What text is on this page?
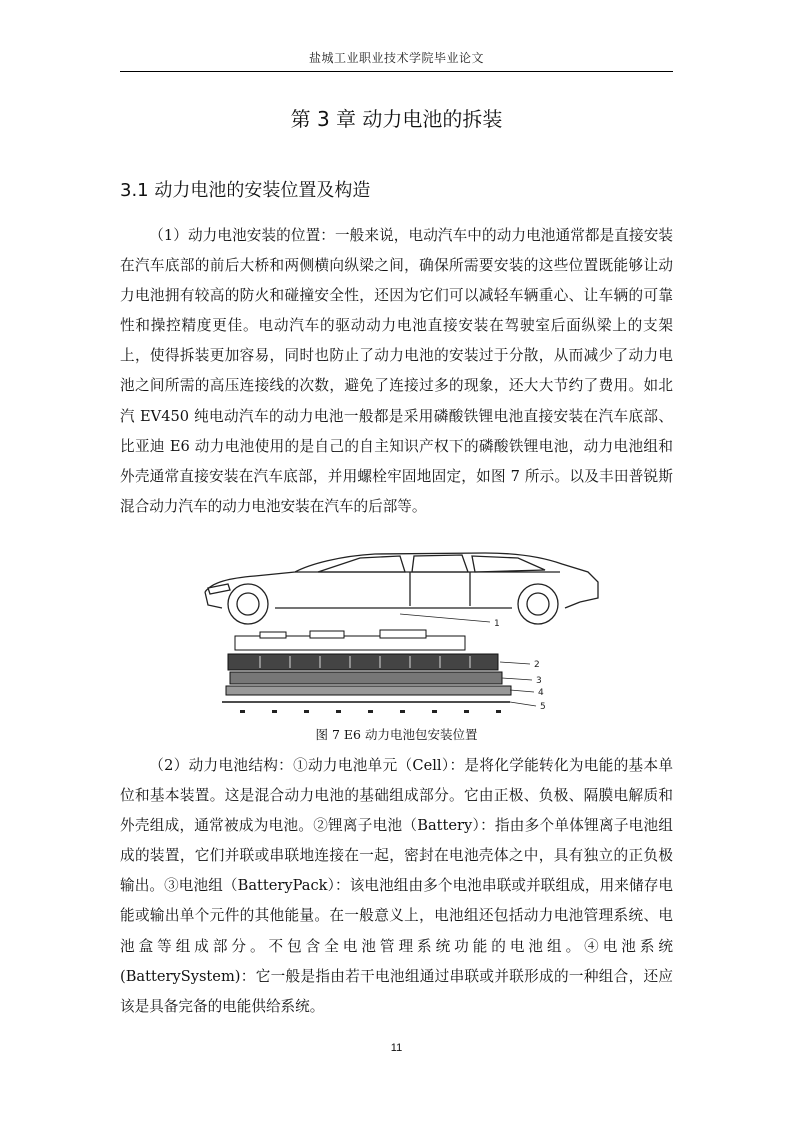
盐城工业职业技术学院毕业论文
第 3 章 动力电池的拆装
3.1 动力电池的安装位置及构造

（1）动力电池安装的位置：一般来说，电动汽车中的动力电池通常都是直接安装在汽车底部的前后大桥和两侧横向纵梁之间，确保所需要安装的这些位置既能够让动力电池拥有较高的防火和碰撞安全性，还因为它们可以减轻车辆重心、让车辆的可靠性和操控精度更佳。电动汽车的驱动动力电池直接安装在驾驶室后面纵梁上的支架上，使得拆装更加容易，同时也防止了动力电池的安装过于分散，从而减少了动力电池之间所需的高压连接线的次数，避免了连接过多的现象，还大大节约了费用。如北汽 EV450 纯电动汽车的动力电池一般都是采用磷酸铁锂电池直接安装在汽车底部、比亚迪 E6 动力电池使用的是自己的自主知识产权下的磷酸铁锂电池，动力电池组和外壳通常直接安装在汽车底部，并用螺栓牢固地固定，如图 7 所示。以及丰田普锐斯混合动力汽车的动力电池安装在汽车的后部等。

1
2
3
4
5
图 7 E6 动力电池包安装位置

（2）动力电池结构：①动力电池单元（Cell）：是将化学能转化为电能的基本单位和基本装置。这是混合动力电池的基础组成部分。它由正极、负极、隔膜电解质和外壳组成，通常被成为电池。②锂离子电池（Battery）：指由多个单体锂离子电池组成的装置，它们并联或串联地连接在一起，密封在电池壳体之中，具有独立的正负极输出。③电池组（BatteryPack）：该电池组由多个电池串联或并联组成，用来储存电能或输出单个元件的其他能量。在一般意义上，电池组还包括动力电池管理系统、电池盒等组成部分。不包含全电池管理系统功能的电池组。④电池系统(BatterySystem)：它一般是指由若干电池组通过串联或并联形成的一种组合，还应该是具备完备的电能供给系统。

11
